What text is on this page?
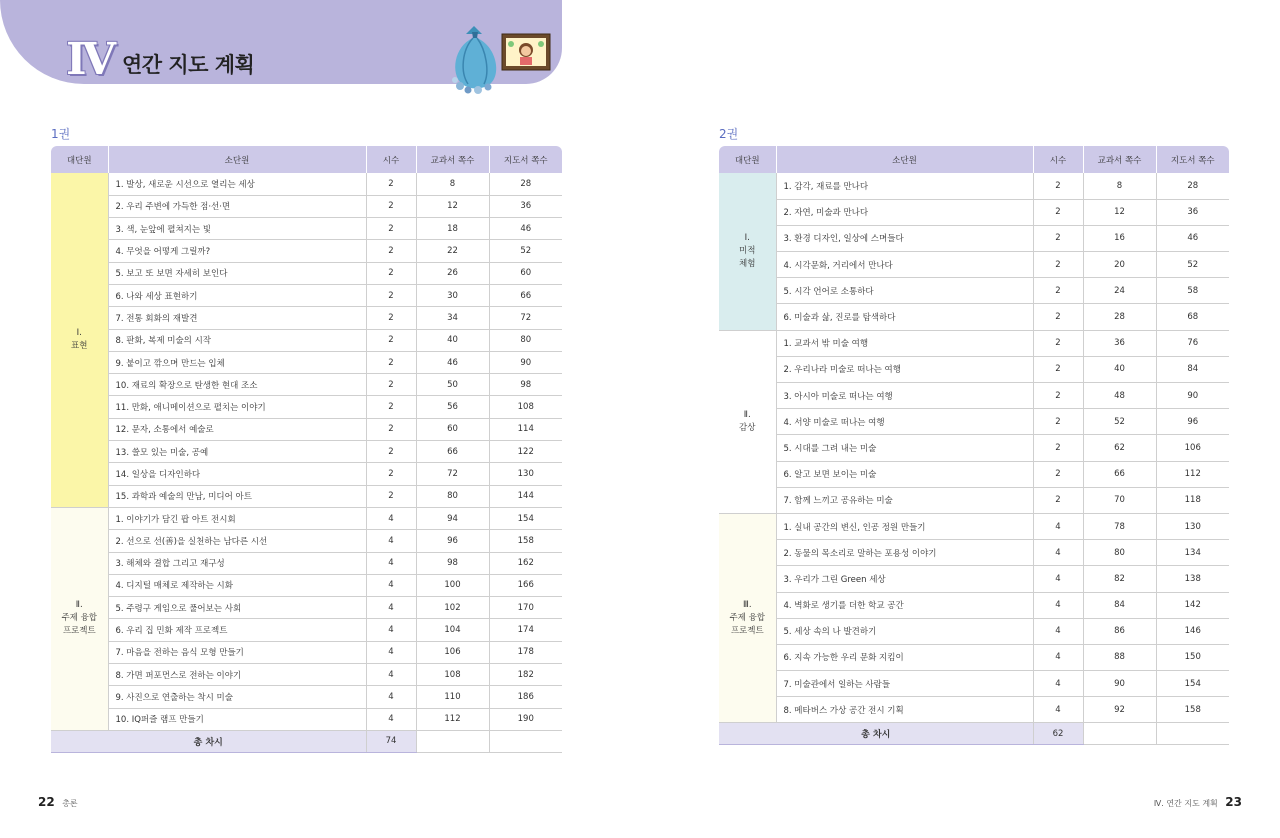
Ⅳ 연간 지도 계획
1권
대단원	소단원	시수	교과서 쪽수	지도서 쪽수
Ⅰ.
표현	1. 발상, 새로운 시선으로 열리는 세상	2	8	28
	2. 우리 주변에 가득한 점·선·면	2	12	36
	3. 색, 눈앞에 펼쳐지는 빛	2	18	46
	4. 무엇을 어떻게 그릴까?	2	22	52
	5. 보고 또 보면 자세히 보인다	2	26	60
	6. 나와 세상 표현하기	2	30	66
	7. 전통 회화의 재발견	2	34	72
	8. 판화, 복제 미술의 시작	2	40	80
	9. 붙이고 깎으며 만드는 입체	2	46	90
	10. 재료의 확장으로 탄생한 현대 조소	2	50	98
	11. 만화, 애니메이션으로 펼치는 이야기	2	56	108
	12. 문자, 소통에서 예술로	2	60	114
	13. 쓸모 있는 미술, 공예	2	66	122
	14. 일상을 디자인하다	2	72	130
	15. 과학과 예술의 만남, 미디어 아트	2	80	144
Ⅱ.
주제 융합
프로젝트	1. 이야기가 담긴 팝 아트 전시회	4	94	154
	2. 선으로 선(善)을 실천하는 남다른 시선	4	96	158
	3. 해체와 결합 그리고 재구성	4	98	162
	4. 디지털 매체로 제작하는 시화	4	100	166
	5. 주령구 게임으로 풀어보는 사회	4	102	170
	6. 우리 집 민화 제작 프로젝트	4	104	174
	7. 마음을 전하는 음식 모형 만들기	4	106	178
	8. 가면 퍼포먼스로 전하는 이야기	4	108	182
	9. 사진으로 연출하는 착시 미술	4	110	186
	10. IQ퍼즐 램프 만들기	4	112	190
총 차시		74		
2권
대단원	소단원	시수	교과서 쪽수	지도서 쪽수
Ⅰ.
미적
체험	1. 감각, 재료를 만나다	2	8	28
	2. 자연, 미술과 만나다	2	12	36
	3. 환경 디자인, 일상에 스며들다	2	16	46
	4. 시각문화, 거리에서 만나다	2	20	52
	5. 시각 언어로 소통하다	2	24	58
	6. 미술과 삶, 진로를 탐색하다	2	28	68
Ⅱ.
감상	1. 교과서 밖 미술 여행	2	36	76
	2. 우리나라 미술로 떠나는 여행	2	40	84
	3. 아시아 미술로 떠나는 여행	2	48	90
	4. 서양 미술로 떠나는 여행	2	52	96
	5. 시대를 그려 내는 미술	2	62	106
	6. 알고 보면 보이는 미술	2	66	112
	7. 함께 느끼고 공유하는 미술	2	70	118
Ⅲ.
주제 융합
프로젝트	1. 실내 공간의 변신, 인공 정원 만들기	4	78	130
	2. 동물의 목소리로 말하는 포용성 이야기	4	80	134
	3. 우리가 그린 Green 세상	4	82	138
	4. 벽화로 생기를 더한 학교 공간	4	84	142
	5. 세상 속의 나 발견하기	4	86	146
	6. 지속 가능한 우리 문화 지킴이	4	88	150
	7. 미술관에서 일하는 사람들	4	90	154
	8. 메타버스 가상 공간 전시 기획	4	92	158
총 차시		62		
22 총론	Ⅳ. 연간 지도 계획 23
